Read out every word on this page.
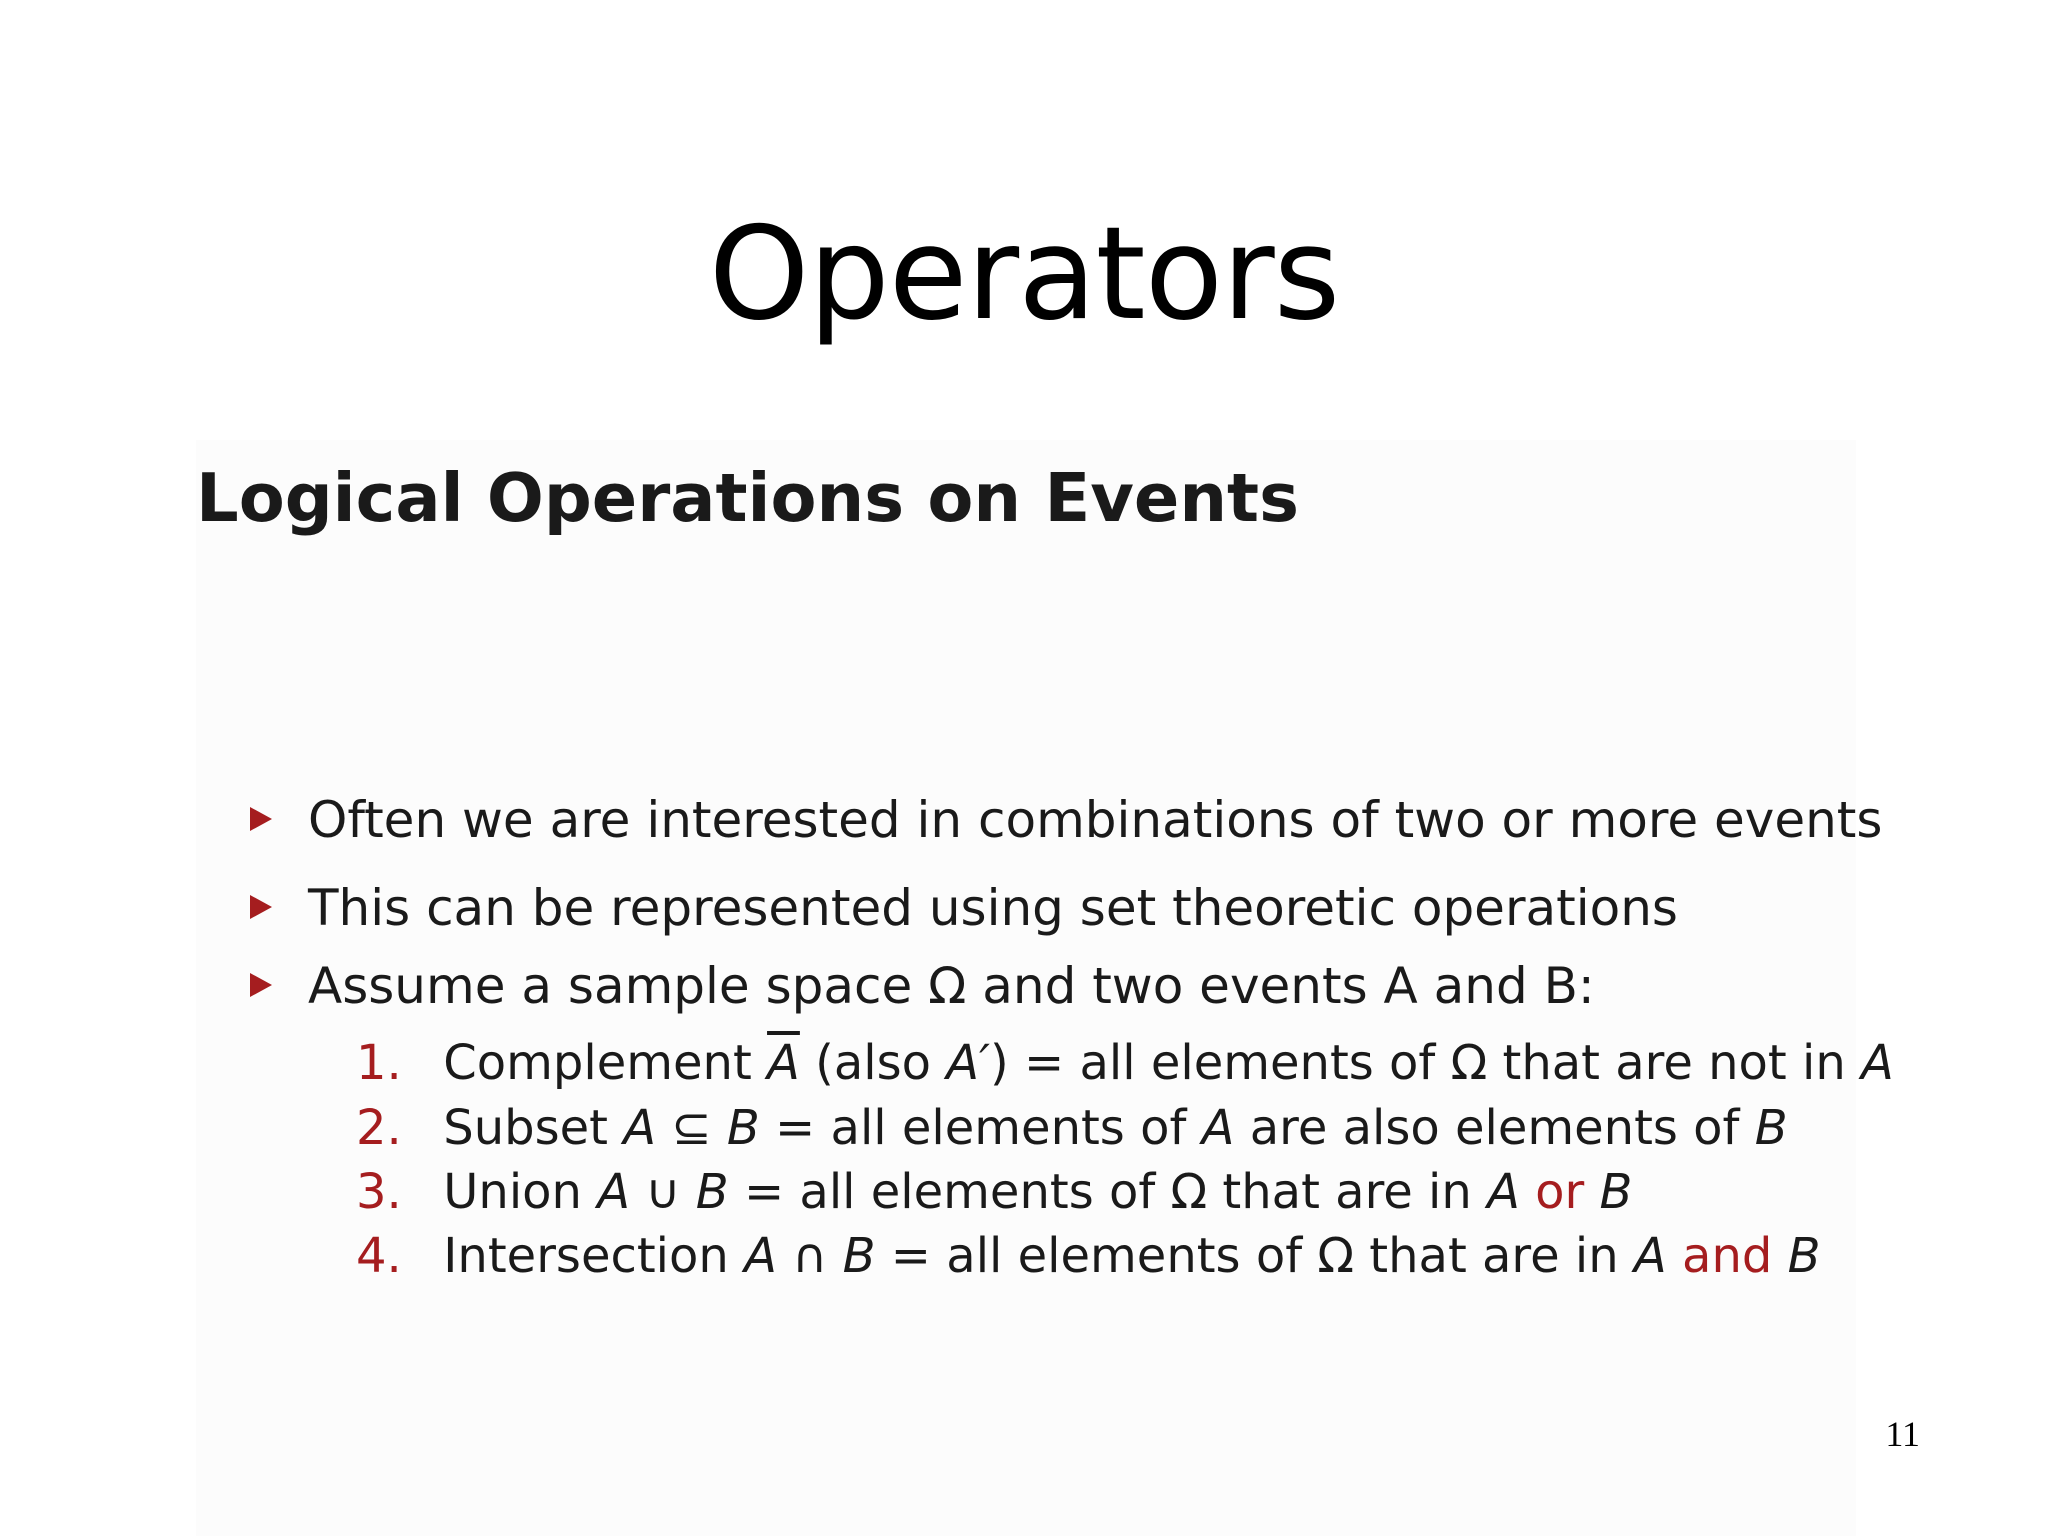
Operators
Logical Operations on Events
Often we are interested in combinations of two or more events
This can be represented using set theoretic operations
Assume a sample space Ω and two events A and B:
1. Complement $\overline{A}$ (also A′) = all elements of Ω that are not in A
2. Subset A ⊆ B = all elements of A are also elements of B
3. Union A ∪ B = all elements of Ω that are in A or B
4. Intersection A ∩ B = all elements of Ω that are in A and B
11
